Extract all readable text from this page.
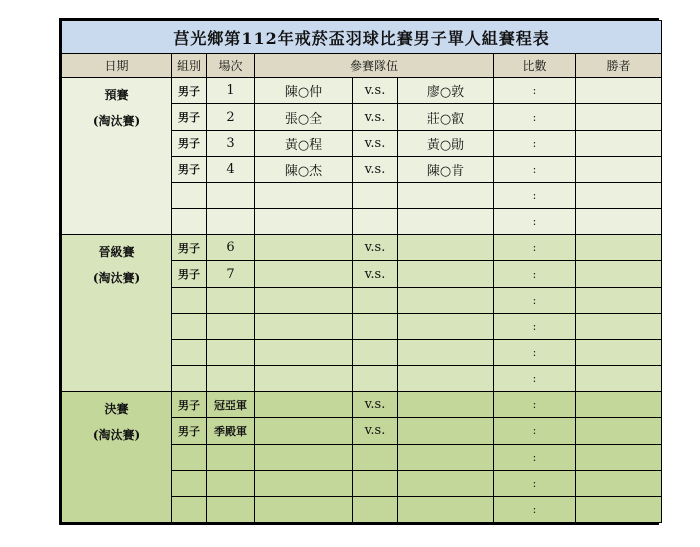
莒光鄉第112年戒菸盃羽球比賽男子單人組賽程表							
日期	組別	場次	參賽隊伍			比數	勝者

預賽
(淘汰賽)	男子	1	陳○仲	v.s.	廖○敦	:	
	男子	2	張○全	v.s.	莊○叡	:	
	男子	3	黃○程	v.s.	黃○勛	:	
	男子	4	陳○杰	v.s.	陳○肯	:	
						:	
						:	

晉級賽
(淘汰賽)	男子	6		v.s.		:	
	男子	7		v.s.		:	
						:	
						:	
						:	
						:	

決賽
(淘汰賽)	男子	冠亞軍		v.s.		:	
	男子	季殿軍		v.s.		:	
						:	
						:	
						:	
